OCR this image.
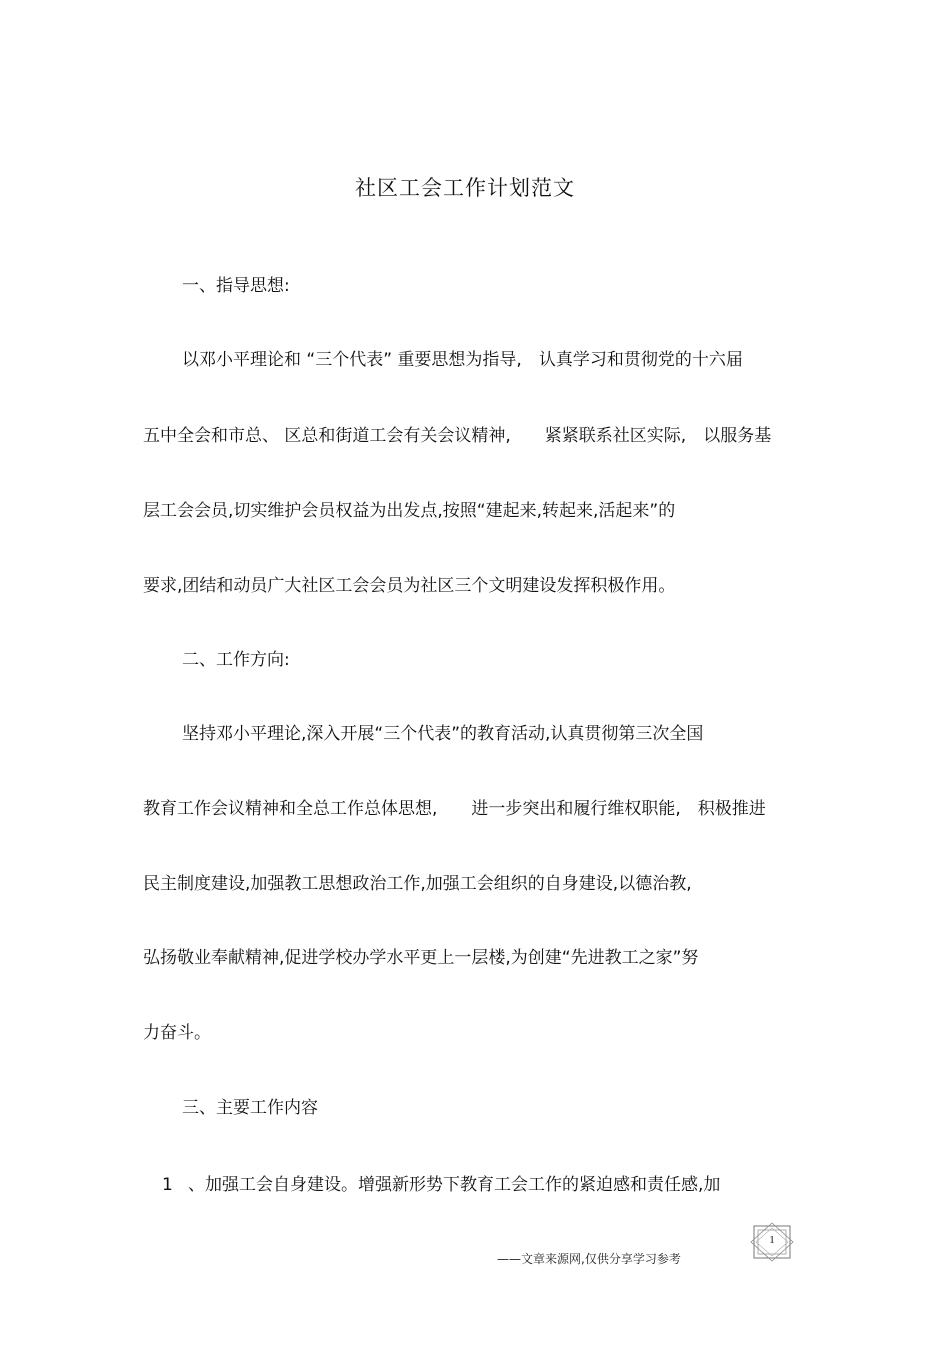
社区工会工作计划范文
一、指导思想:
以邓小平理论和 “三个代表” 重要思想为指导,　认真学习和贯彻党的十六届
五中全会和市总、 区总和街道工会有关会议精神,　　紧紧联系社区实际,　以服务基
层工会会员,切实维护会员权益为出发点,按照“建起来,转起来,活起来”的
要求,团结和动员广大社区工会会员为社区三个文明建设发挥积极作用。
二、工作方向:
坚持邓小平理论,深入开展“三个代表”的教育活动,认真贯彻第三次全国
教育工作会议精神和全总工作总体思想,　　进一步突出和履行维权职能,　积极推进
民主制度建设,加强教工思想政治工作,加强工会组织的自身建设,以德治教,
弘扬敬业奉献精神,促进学校办学水平更上一层楼,为创建“先进教工之家”努
力奋斗。
三、主要工作内容
1 、加强工会自身建设。增强新形势下教育工会工作的紧迫感和责任感,加
1
——文章来源网,仅供分享学习参考
